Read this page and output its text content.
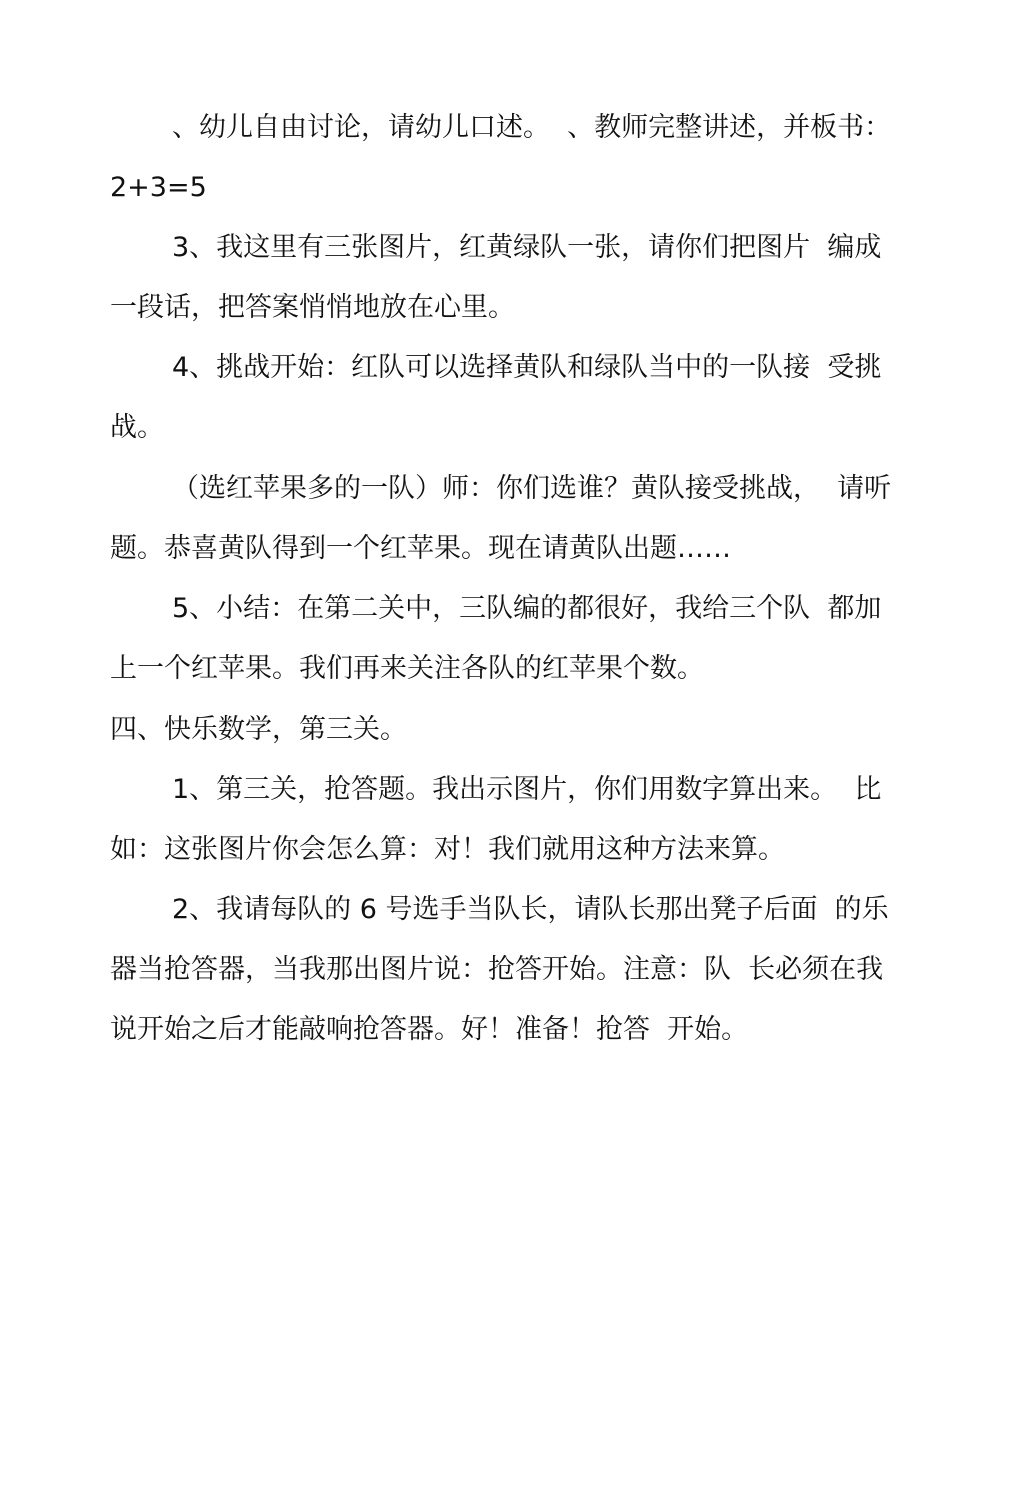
、幼儿自由讨论，请幼儿口述。  、教师完整讲述，并板书：
2+3=5
3、我这里有三张图片，红黄绿队一张，请你们把图片  编成
一段话，把答案悄悄地放在心里。
4、挑战开始：红队可以选择黄队和绿队当中的一队接  受挑
战。
（选红苹果多的一队）师：你们选谁？黄队接受挑战，  请听
题。恭喜黄队得到一个红苹果。现在请黄队出题……
5、小结：在第二关中，三队编的都很好，我给三个队  都加
上一个红苹果。我们再来关注各队的红苹果个数。
四、快乐数学，第三关。
1、第三关，抢答题。我出示图片，你们用数字算出来。  比
如：这张图片你会怎么算：对！我们就用这种方法来算。
2、我请每队的 6 号选手当队长，请队长那出凳子后面  的乐
器当抢答器，当我那出图片说：抢答开始。注意：队  长必须在我
说开始之后才能敲响抢答器。好！准备！抢答  开始。
